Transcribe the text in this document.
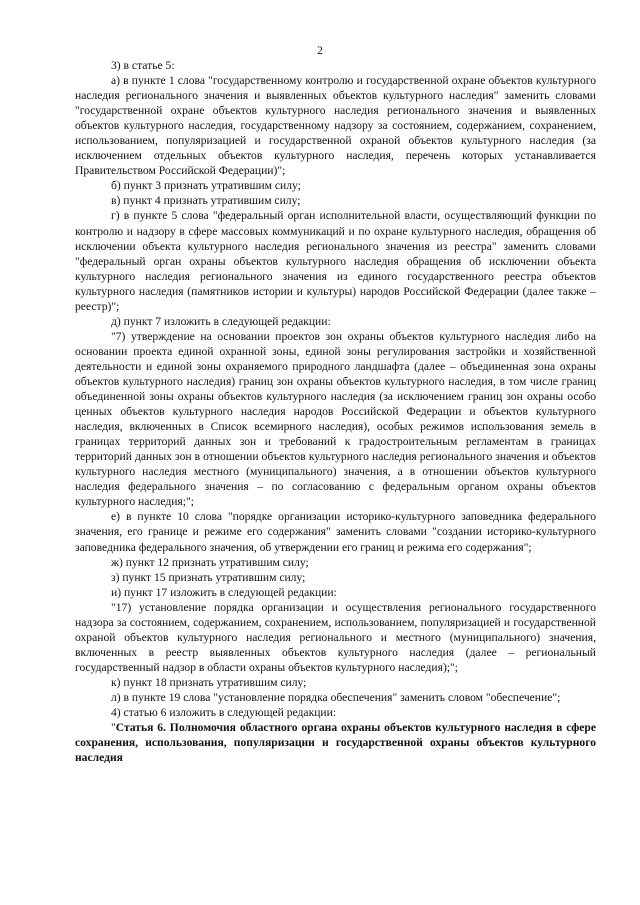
2

3) в статье 5:

а) в пункте 1 слова "государственному контролю и государственной охране объектов культурного наследия регионального значения и выявленных объектов культурного наследия" заменить словами "государственной охране объектов культурного наследия регионального значения и выявленных объектов культурного наследия, государственному надзору за состоянием, содержанием, сохранением, использованием, популяризацией и государственной охраной объектов культурного наследия (за исключением отдельных объектов культурного наследия, перечень которых устанавливается Правительством Российской Федерации)";

б) пункт 3 признать утратившим силу;

в) пункт 4 признать утратившим силу;

г) в пункте 5 слова "федеральный орган исполнительной власти, осуществляющий функции по контролю и надзору в сфере массовых коммуникаций и по охране культурного наследия, обращения об исключении объекта культурного наследия регионального значения из реестра" заменить словами "федеральный орган охраны объектов культурного наследия обращения об исключении объекта культурного наследия регионального значения из единого государственного реестра объектов культурного наследия (памятников истории и культуры) народов Российской Федерации (далее также – реестр)";

д) пункт 7 изложить в следующей редакции:

"7) утверждение на основании проектов зон охраны объектов культурного наследия либо на основании проекта единой охранной зоны, единой зоны регулирования застройки и хозяйственной деятельности и единой зоны охраняемого природного ландшафта (далее – объединенная зона охраны объектов культурного наследия) границ зон охраны объектов культурного наследия, в том числе границ объединенной зоны охраны объектов культурного наследия (за исключением границ зон охраны особо ценных объектов культурного наследия народов Российской Федерации и объектов культурного наследия, включенных в Список всемирного наследия), особых режимов использования земель в границах территорий данных зон и требований к градостроительным регламентам в границах территорий данных зон в отношении объектов культурного наследия регионального значения и объектов культурного наследия местного (муниципального) значения, а в отношении объектов культурного наследия федерального значения – по согласованию с федеральным органом охраны объектов культурного наследия;";

е) в пункте 10 слова "порядке организации историко-культурного заповедника федерального значения, его границе и режиме его содержания" заменить словами "создании историко-культурного заповедника федерального значения, об утверждении его границ и режима его содержания";

ж) пункт 12 признать утратившим силу;

з) пункт 15 признать утратившим силу;

и) пункт 17 изложить в следующей редакции:

"17) установление порядка организации и осуществления регионального государственного надзора за состоянием, содержанием, сохранением, использованием, популяризацией и государственной охраной объектов культурного наследия регионального и местного (муниципального) значения, включенных в реестр выявленных объектов культурного наследия (далее – региональный государственный надзор в области охраны объектов культурного наследия);";

к) пункт 18 признать утратившим силу;

л) в пункте 19 слова "установление порядка обеспечения" заменить словом "обеспечение";

4) статью 6 изложить в следующей редакции:

"Статья 6. Полномочия областного органа охраны объектов культурного наследия в сфере сохранения, использования, популяризации и государственной охраны объектов культурного наследия
